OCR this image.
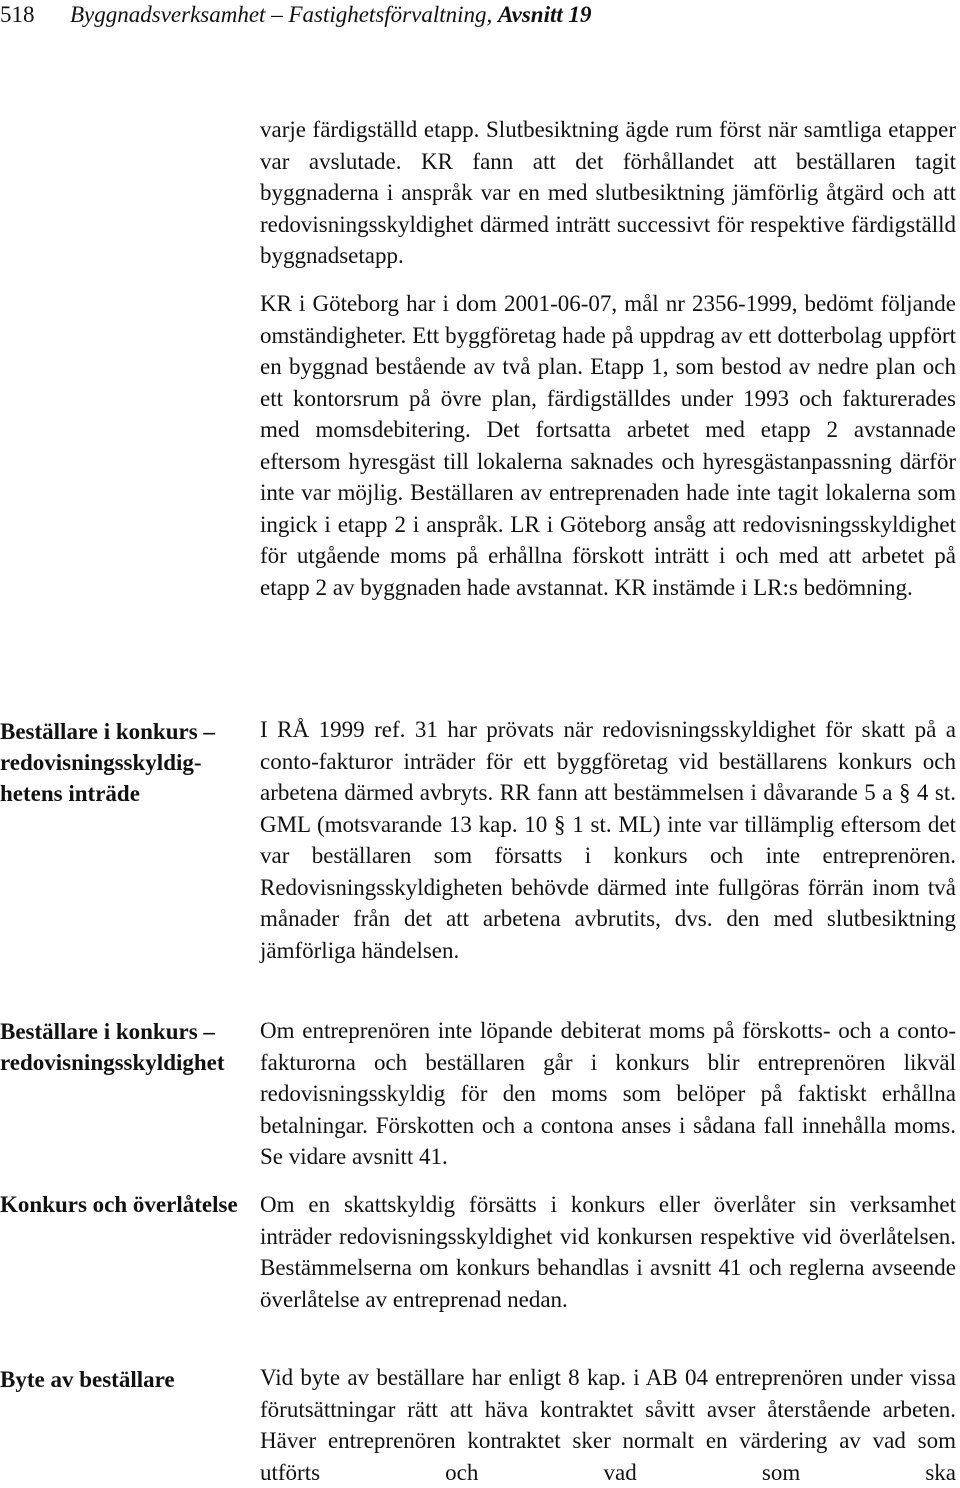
518 Byggnadsverksamhet – Fastighetsförvaltning, Avsnitt 19
Beställare i konkurs – redovisningsskyldighetens inträde
Beställare i konkurs – redovisningsskyldighet
Konkurs och överlåtelse
Byte av beställare

varje färdigställd etapp. Slutbesiktning ägde rum först när samtliga etapper var avslutade. KR fann att det förhållandet att beställaren tagit byggnaderna i anspråk var en med slutbesiktning jämförlig åtgärd och att redovisningsskyldighet därmed inträtt successivt för respektive färdigställd byggnadsetapp.

KR i Göteborg har i dom 2001-06-07, mål nr 2356-1999, bedömt följande omständigheter. Ett byggföretag hade på uppdrag av ett dotterbolag uppfört en byggnad bestående av två plan. Etapp 1, som bestod av nedre plan och ett kontorsrum på övre plan, färdigställdes under 1993 och fakturerades med momsdebitering. Det fortsatta arbetet med etapp 2 avstannade eftersom hyresgäst till lokalerna saknades och hyresgästanpassning därför inte var möjlig. Beställaren av entreprenaden hade inte tagit lokalerna som ingick i etapp 2 i anspråk. LR i Göteborg ansåg att redovisningsskyldighet för utgående moms på erhållna förskott inträtt i och med att arbetet på etapp 2 av byggnaden hade avstannat. KR instämde i LR:s bedömning.

I RÅ 1999 ref. 31 har prövats när redovisningsskyldighet för skatt på a conto-fakturor inträder för ett byggföretag vid beställarens konkurs och arbetena därmed avbryts. RR fann att bestämmelsen i dåvarande 5 a § 4 st. GML (motsvarande 13 kap. 10 § 1 st. ML) inte var tillämplig eftersom det var beställaren som försatts i konkurs och inte entreprenören. Redovisningsskyldigheten behövde därmed inte fullgöras förrän inom två månader från det att arbetena avbrutits, dvs. den med slutbesiktning jämförliga händelsen.

Om entreprenören inte löpande debiterat moms på förskotts- och a conto-fakturorna och beställaren går i konkurs blir entreprenören likväl redovisningsskyldig för den moms som belöper på faktiskt erhållna betalningar. Förskotten och a contona anses i sådana fall innehålla moms. Se vidare avsnitt 41.

Om en skattskyldig försätts i konkurs eller överlåter sin verksamhet inträder redovisningsskyldighet vid konkursen respektive vid överlåtelsen. Bestämmelserna om konkurs behandlas i avsnitt 41 och reglerna avseende överlåtelse av entreprenad nedan.

Vid byte av beställare har enligt 8 kap. i AB 04 entreprenören under vissa förutsättningar rätt att häva kontraktet såvitt avser återstående arbeten. Häver entreprenören kontraktet sker normalt en värdering av vad som utförts och vad som ska
